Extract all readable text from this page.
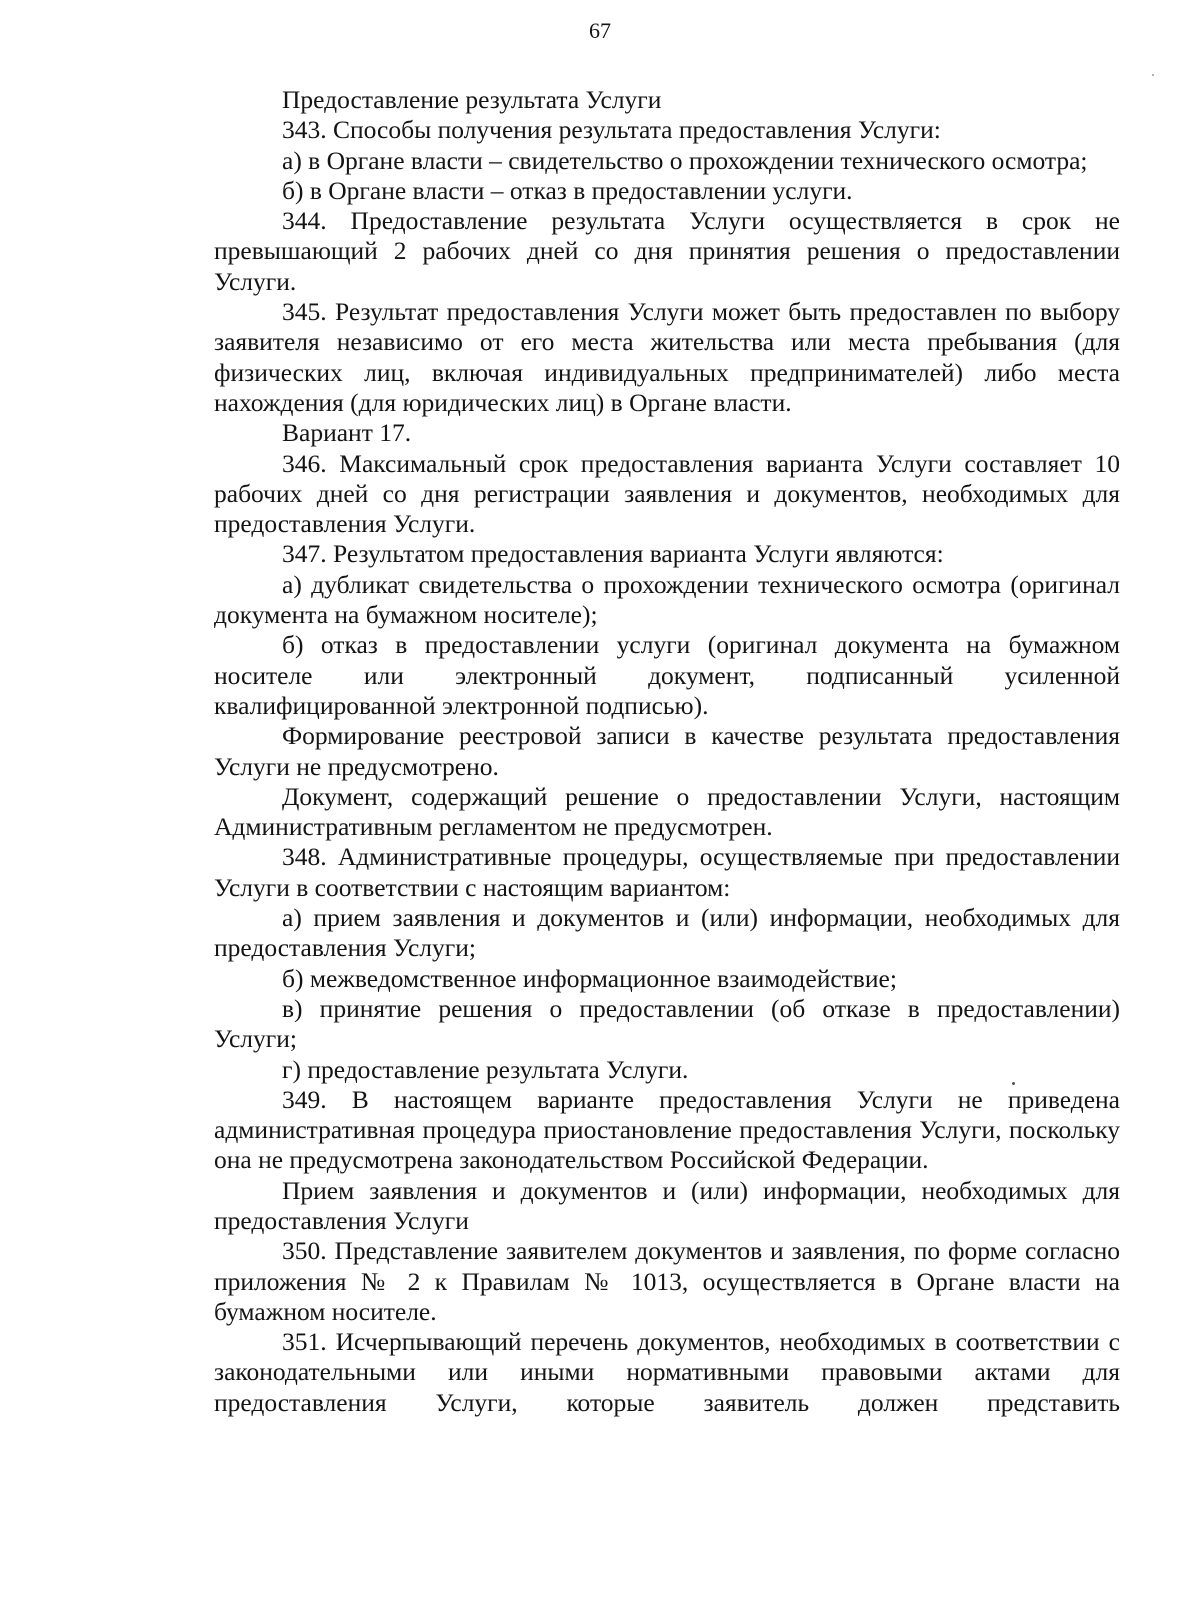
67

Предоставление результата Услуги

343. Способы получения результата предоставления Услуги:

а) в Органе власти – свидетельство о прохождении технического осмотра;

б) в Органе власти – отказ в предоставлении услуги.

344. Предоставление результата Услуги осуществляется в срок не превышающий 2 рабочих дней со дня принятия решения о предоставлении Услуги.

345. Результат предоставления Услуги может быть предоставлен по выбору заявителя независимо от его места жительства или места пребывания (для физических лиц, включая индивидуальных предпринимателей) либо места нахождения (для юридических лиц) в Органе власти.

Вариант 17.

346. Максимальный срок предоставления варианта Услуги составляет 10 рабочих дней со дня регистрации заявления и документов, необходимых для предоставления Услуги.

347. Результатом предоставления варианта Услуги являются:

а) дубликат свидетельства о прохождении технического осмотра (оригинал документа на бумажном носителе);

б) отказ в предоставлении услуги (оригинал документа на бумажном носителе или электронный документ, подписанный усиленной квалифицированной электронной подписью).

Формирование реестровой записи в качестве результата предоставления Услуги не предусмотрено.

Документ, содержащий решение о предоставлении Услуги, настоящим Административным регламентом не предусмотрен.

348. Административные процедуры, осуществляемые при предоставлении Услуги в соответствии с настоящим вариантом:

а) прием заявления и документов и (или) информации, необходимых для предоставления Услуги;

б) межведомственное информационное взаимодействие;

в) принятие решения о предоставлении (об отказе в предоставлении) Услуги;

г) предоставление результата Услуги.

349. В настоящем варианте предоставления Услуги не приведена административная процедура приостановление предоставления Услуги, поскольку она не предусмотрена законодательством Российской Федерации.

Прием заявления и документов и (или) информации, необходимых для предоставления Услуги

350. Представление заявителем документов и заявления, по форме согласно приложения № 2 к Правилам № 1013, осуществляется в Органе власти на бумажном носителе.

351. Исчерпывающий перечень документов, необходимых в соответствии с законодательными или иными нормативными правовыми актами для предоставления Услуги, которые заявитель должен представить
